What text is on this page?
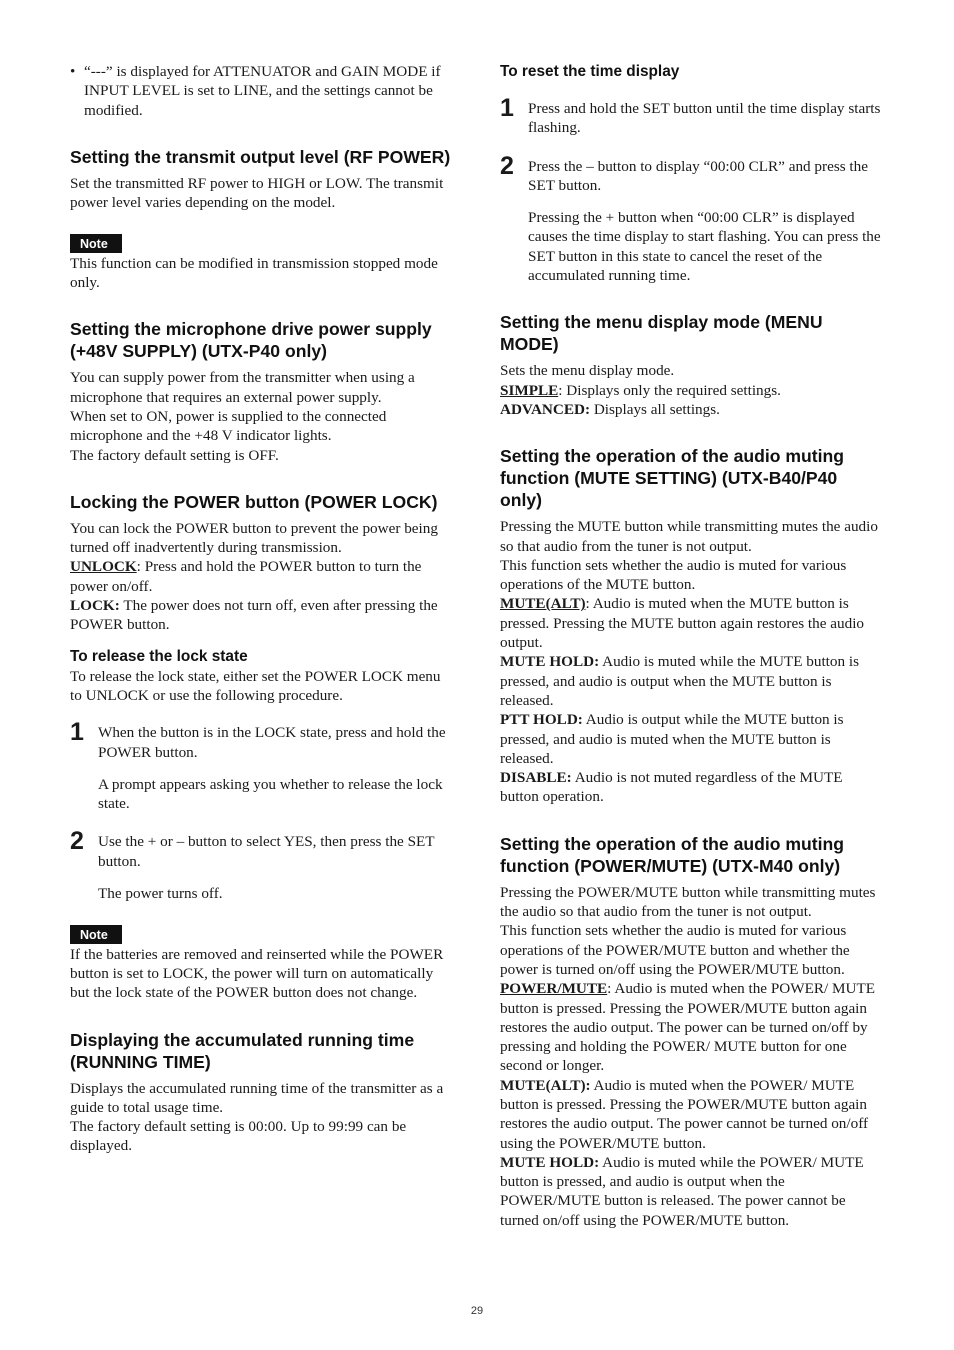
• “---” is displayed for ATTENUATOR and GAIN MODE if INPUT LEVEL is set to LINE, and the settings cannot be modified.

Setting the transmit output level (RF POWER)

Set the transmitted RF power to HIGH or LOW. The transmit power level varies depending on the model.

Note

This function can be modified in transmission stopped mode only.

Setting the microphone drive power supply (+48V SUPPLY) (UTX-P40 only)

You can supply power from the transmitter when using a microphone that requires an external power supply.

When set to ON, power is supplied to the connected microphone and the +48 V indicator lights.

The factory default setting is OFF.

Locking the POWER button (POWER LOCK)

You can lock the POWER button to prevent the power being turned off inadvertently during transmission.

UNLOCK: Press and hold the POWER button to turn the power on/off.

LOCK: The power does not turn off, even after pressing the POWER button.

To release the lock state

To release the lock state, either set the POWER LOCK menu to UNLOCK or use the following procedure.

1 When the button is in the LOCK state, press and hold the POWER button.

A prompt appears asking you whether to release the lock state.

2 Use the + or – button to select YES, then press the SET button.

The power turns off.

Note

If the batteries are removed and reinserted while the POWER button is set to LOCK, the power will turn on automatically but the lock state of the POWER button does not change.

Displaying the accumulated running time (RUNNING TIME)

Displays the accumulated running time of the transmitter as a guide to total usage time.

The factory default setting is 00:00. Up to 99:99 can be displayed.

To reset the time display
1 Press and hold the SET button until the time display starts flashing.

2 Press the – button to display “00:00 CLR” and press the SET button.

Pressing the + button when “00:00 CLR” is displayed causes the time display to start flashing. You can press the SET button in this state to cancel the reset of the accumulated running time.

Setting the menu display mode (MENU MODE)

Sets the menu display mode.

SIMPLE: Displays only the required settings.

ADVANCED: Displays all settings.

Setting the operation of the audio muting function (MUTE SETTING) (UTX-B40/P40 only)

Pressing the MUTE button while transmitting mutes the audio so that audio from the tuner is not output.

This function sets whether the audio is muted for various operations of the MUTE button.

MUTE(ALT): Audio is muted when the MUTE button is pressed. Pressing the MUTE button again restores the audio output.

MUTE HOLD: Audio is muted while the MUTE button is pressed, and audio is output when the MUTE button is released.

PTT HOLD: Audio is output while the MUTE button is pressed, and audio is muted when the MUTE button is released.

DISABLE: Audio is not muted regardless of the MUTE button operation.

Setting the operation of the audio muting function (POWER/MUTE) (UTX-M40 only)

Pressing the POWER/MUTE button while transmitting mutes the audio so that audio from the tuner is not output.

This function sets whether the audio is muted for various operations of the POWER/MUTE button and whether the power is turned on/off using the POWER/MUTE button.

POWER/MUTE: Audio is muted when the POWER/ MUTE button is pressed. Pressing the POWER/MUTE button again restores the audio output. The power can be turned on/off by pressing and holding the POWER/ MUTE button for one second or longer.

MUTE(ALT): Audio is muted when the POWER/ MUTE button is pressed. Pressing the POWER/MUTE button again restores the audio output. The power cannot be turned on/off using the POWER/MUTE button.

MUTE HOLD: Audio is muted while the POWER/ MUTE button is pressed, and audio is output when the POWER/MUTE button is released. The power cannot be turned on/off using the POWER/MUTE button.

29
